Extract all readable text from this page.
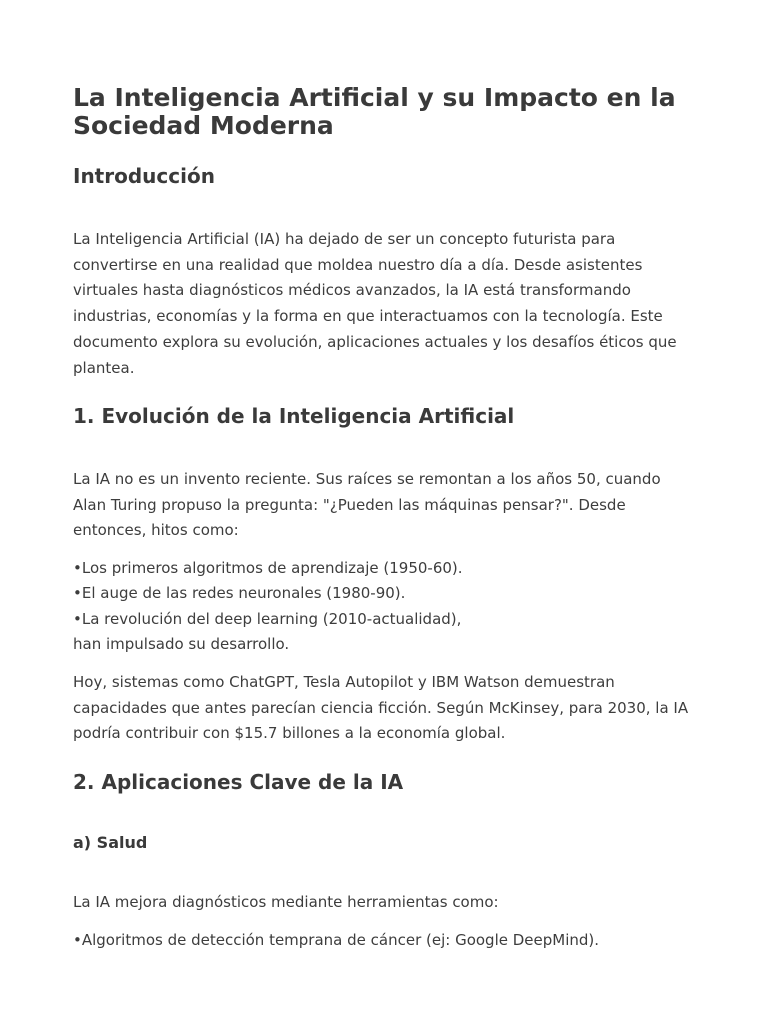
La Inteligencia Artificial y su Impacto en la Sociedad Moderna
Introducción

La Inteligencia Artificial (IA) ha dejado de ser un concepto futurista para convertirse en una realidad que moldea nuestro día a día. Desde asistentes virtuales hasta diagnósticos médicos avanzados, la IA está transformando industrias, economías y la forma en que interactuamos con la tecnología. Este documento explora su evolución, aplicaciones actuales y los desafíos éticos que plantea.

1. Evolución de la Inteligencia Artificial

La IA no es un invento reciente. Sus raíces se remontan a los años 50, cuando Alan Turing propuso la pregunta: "¿Pueden las máquinas pensar?". Desde entonces, hitos como:

•Los primeros algoritmos de aprendizaje (1950-60).
•El auge de las redes neuronales (1980-90).
•La revolución del deep learning (2010-actualidad),
han impulsado su desarrollo.

Hoy, sistemas como ChatGPT, Tesla Autopilot y IBM Watson demuestran capacidades que antes parecían ciencia ficción. Según McKinsey, para 2030, la IA podría contribuir con $15.7 billones a la economía global.

2. Aplicaciones Clave de la IA
a) Salud

La IA mejora diagnósticos mediante herramientas como:

•Algoritmos de detección temprana de cáncer (ej: Google DeepMind).
